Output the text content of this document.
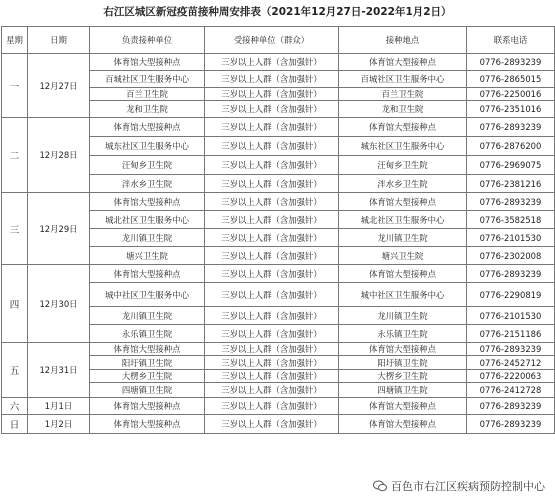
右江区城区新冠疫苗接种周安排表（2021年12月27日-2022年1月2日）
星期	日期	负责接种单位	受接种单位（群众）	接种地点	联系电话
一	12月27日	体育馆大型接种点	三岁以上人群（含加强针）	体育馆大型接种点	0776-2893239
		百城社区卫生服务中心	三岁以上人群（含加强针）	百城社区卫生服务中心	0776-2865015
		百兰卫生院	三岁以上人群（含加强针）	百兰卫生院	0776-2250016
		龙和卫生院	三岁以上人群（含加强针）	龙和卫生院	0776-2351016
二	12月28日	体育馆大型接种点	三岁以上人群（含加强针）	体育馆大型接种点	0776-2893239
		城东社区卫生服务中心	三岁以上人群（含加强针）	城东社区卫生服务中心	0776-2876200
		汪甸乡卫生院	三岁以上人群（含加强针）	汪甸乡卫生院	0776-2969075
		泮水乡卫生院	三岁以上人群（含加强针）	泮水乡卫生院	0776-2381216
三	12月29日	体育馆大型接种点	三岁以上人群（含加强针）	体育馆大型接种点	0776-2893239
		城北社区卫生服务中心	三岁以上人群（含加强针）	城北社区卫生服务中心	0776-3582518
		龙川镇卫生院	三岁以上人群（含加强针）	龙川镇卫生院	0776-2101530
		塘兴卫生院	三岁以上人群（含加强针）	塘兴卫生院	0776-2302008
四	12月30日	体育馆大型接种点	三岁以上人群（含加强针）	体育馆大型接种点	0776-2893239
		城中社区卫生服务中心	三岁以上人群（含加强针）	城中社区卫生服务中心	0776-2290819
		龙川镇卫生院	三岁以上人群（含加强针）	龙川镇卫生院	0776-2101530
		永乐镇卫生院	三岁以上人群（含加强针）	永乐镇卫生院	0776-2151186
五	12月31日	体育馆大型接种点	三岁以上人群（含加强针）	体育馆大型接种点	0776-2893239
		阳圩镇卫生院	三岁以上人群（含加强针）	阳圩镇卫生院	0776-2452712
		大楞乡卫生院	三岁以上人群（含加强针）	大楞乡卫生院	0776-2220063
		四塘镇卫生院	三岁以上人群（含加强针）	四塘镇卫生院	0776-2412728
六	1月1日	体育馆大型接种点	三岁以上人群（含加强针）	体育馆大型接种点	0776-2893239
日	1月2日	体育馆大型接种点	三岁以上人群（含加强针）	体育馆大型接种点	0776-2893239
百色市右江区疾病预防控制中心
